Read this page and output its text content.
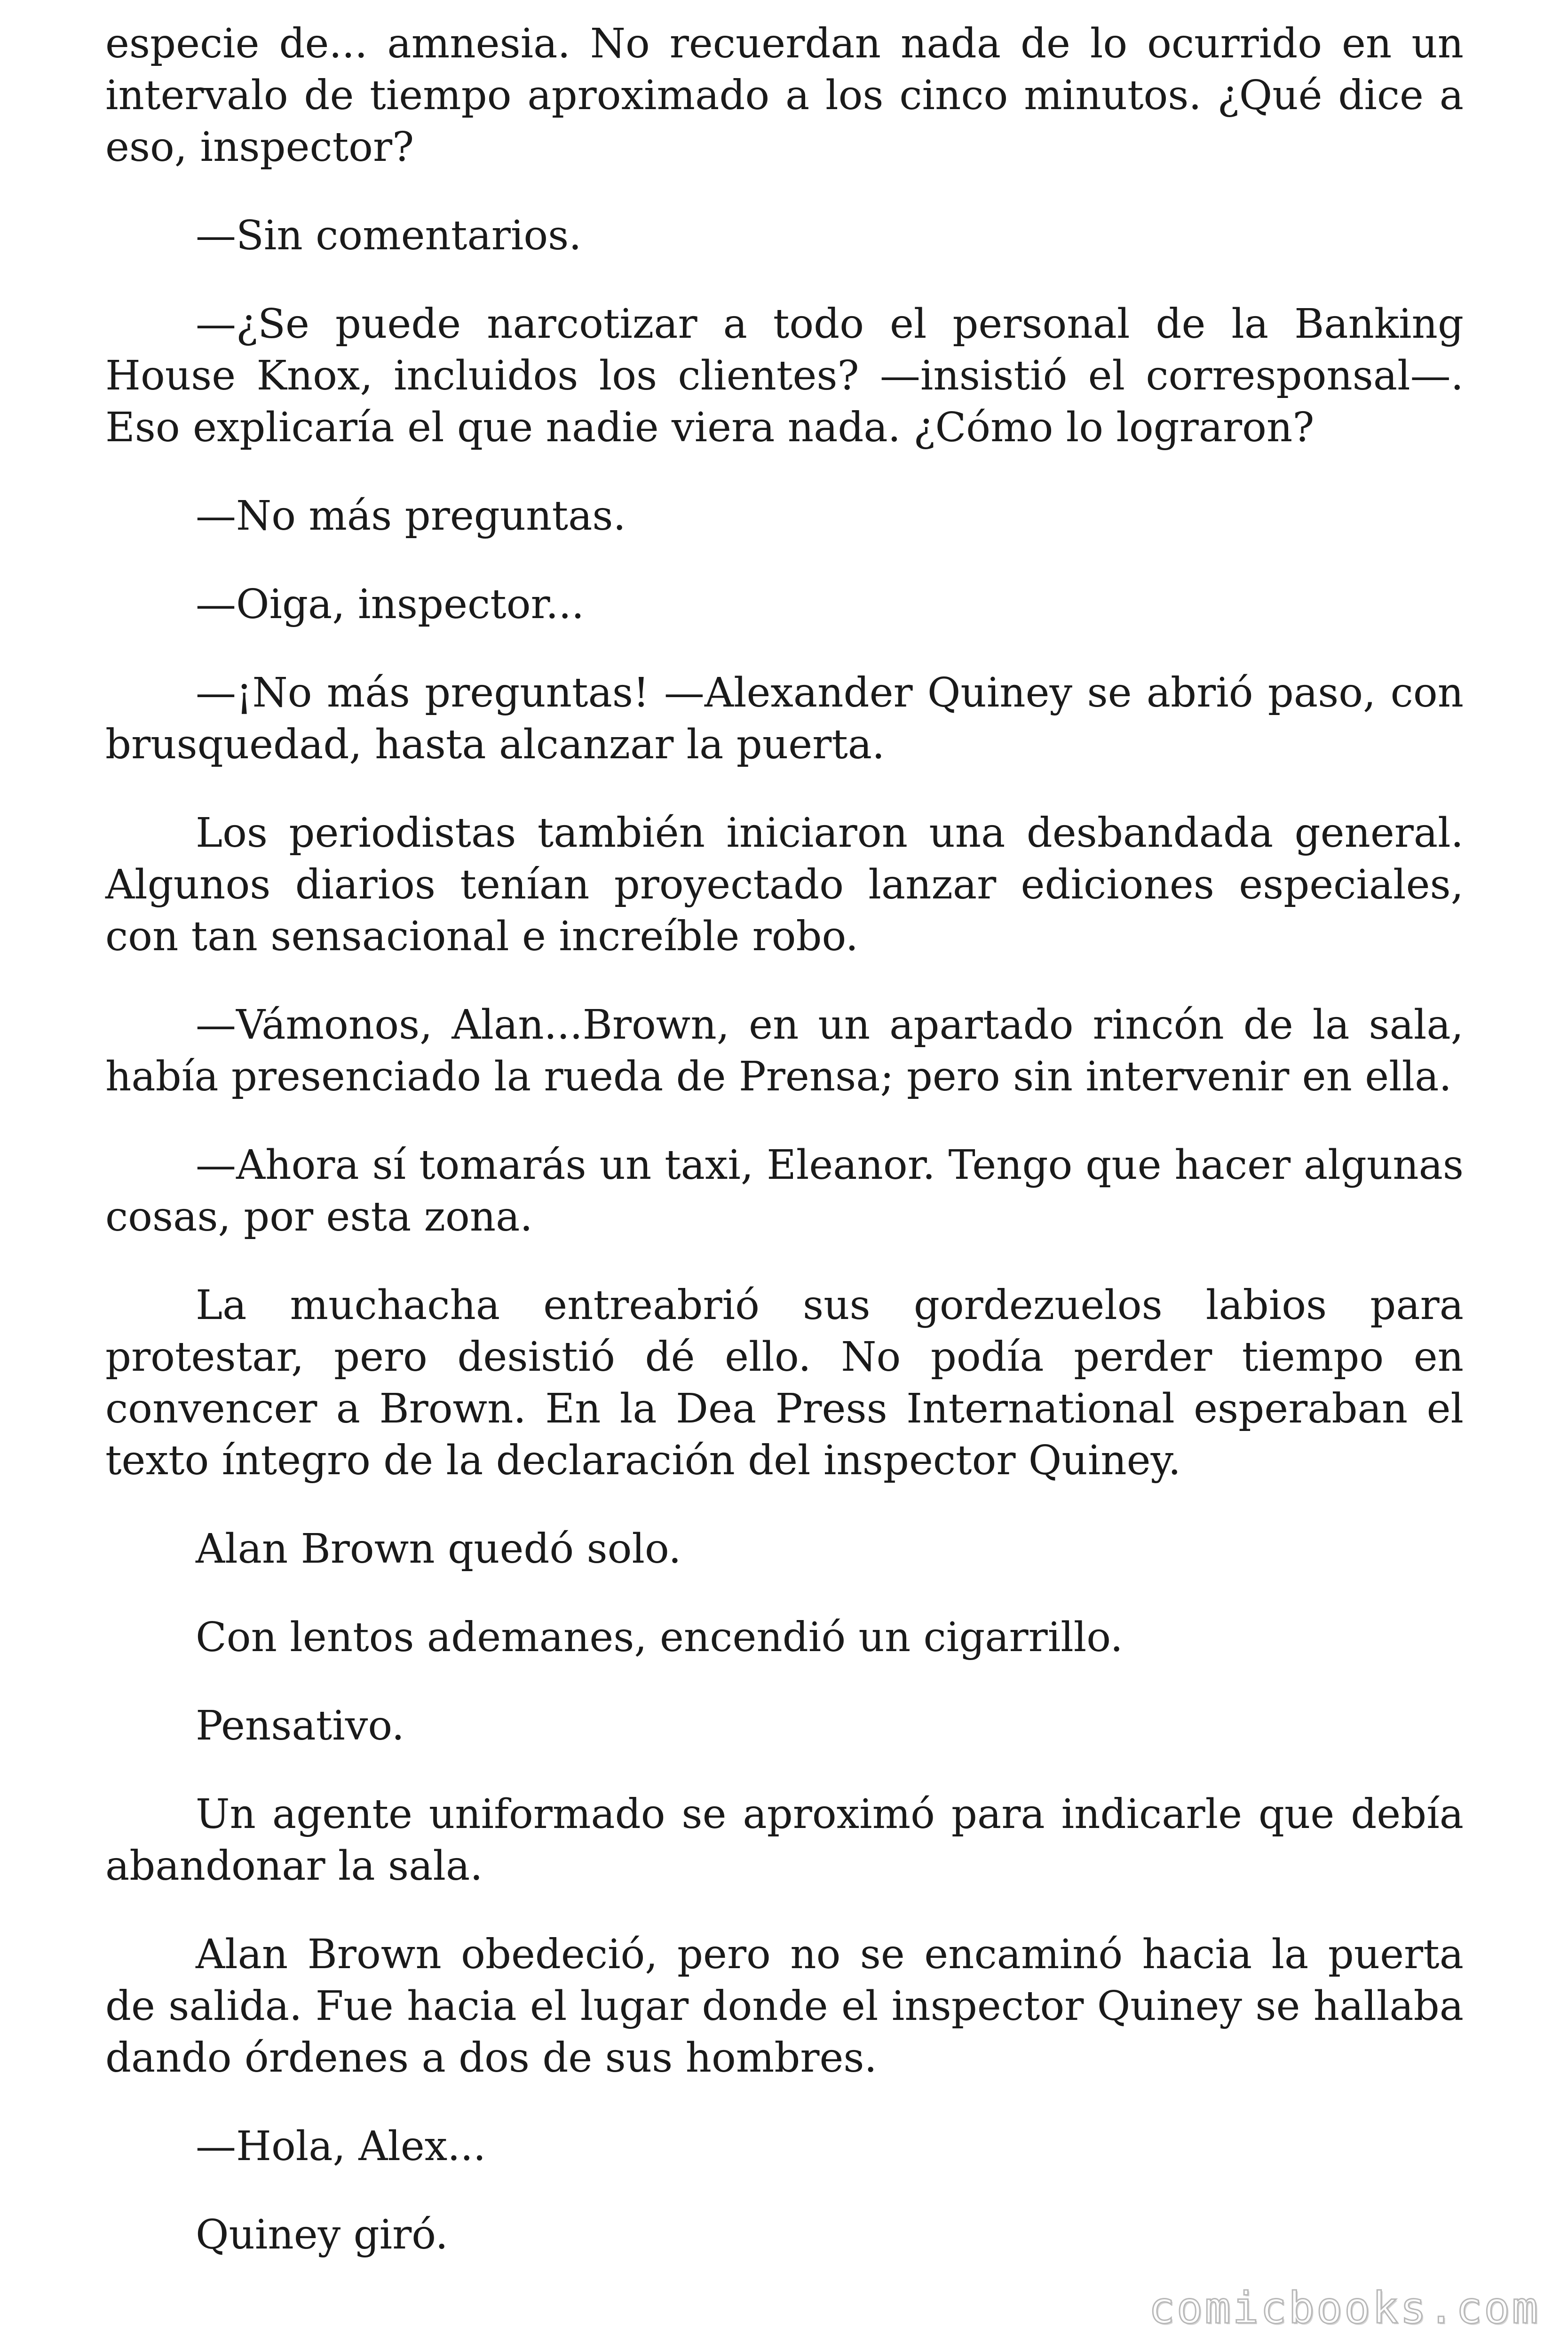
especie de... amnesia. No recuerdan nada de lo ocurrido en un intervalo de tiempo aproximado a los cinco minutos. ¿Qué dice a eso, inspector?

—Sin comentarios.

—¿Se puede narcotizar a todo el personal de la Banking House Knox, incluidos los clientes? —insistió el corresponsal—. Eso explicaría el que nadie viera nada. ¿Cómo lo lograron?

—No más preguntas.

—Oiga, inspector...

—¡No más preguntas! —Alexander Quiney se abrió paso, con brusquedad, hasta alcanzar la puerta.

Los periodistas también iniciaron una desbandada general. Algunos diarios tenían proyectado lanzar ediciones especiales, con tan sensacional e increíble robo.

—Vámonos, Alan...Brown, en un apartado rincón de la sala, había presenciado la rueda de Prensa; pero sin intervenir en ella.

—Ahora sí tomarás un taxi, Eleanor. Tengo que hacer algunas cosas, por esta zona.

La muchacha entreabrió sus gordezuelos labios para protestar, pero desistió dé ello. No podía perder tiempo en convencer a Brown. En la Dea Press International esperaban el texto íntegro de la declaración del inspector Quiney.

Alan Brown quedó solo.

Con lentos ademanes, encendió un cigarrillo.

Pensativo.

Un agente uniformado se aproximó para indicarle que debía abandonar la sala.

Alan Brown obedeció, pero no se encaminó hacia la puerta de salida. Fue hacia el lugar donde el inspector Quiney se hallaba dando órdenes a dos de sus hombres.

—Hola, Alex...

Quiney giró.

comicbooks.com
